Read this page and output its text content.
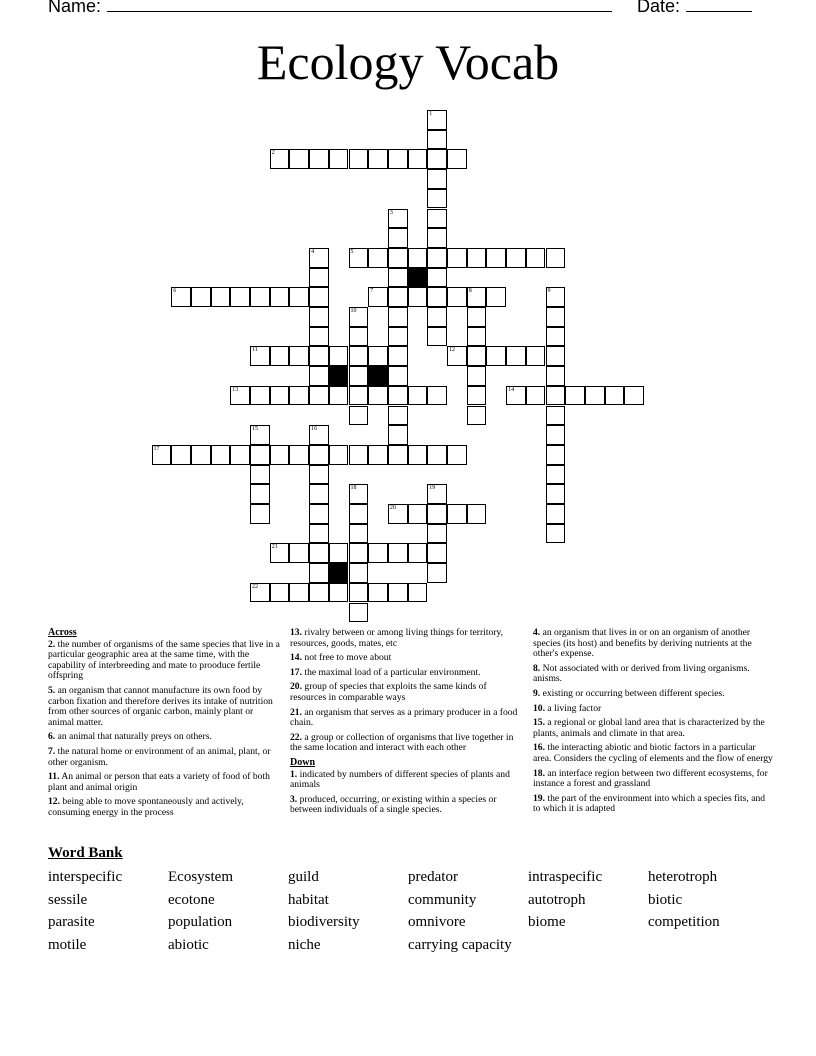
Name:	Date:
Ecology Vocab
1
2
3
4	5
6	7	8	9
10
11	12
13	14
15	16
17
18	19
20
21
22
Across
2. the number of organisms of the same species that live in a particular geographic area at the same time, with the capability of interbreeding and mate to prooduce fertile offspring
5. an organism that cannot manufacture its own food by carbon fixation and therefore derives its intake of nutrition from other sources of organic carbon, mainly plant or animal matter.
6. an animal that naturally preys on others.
7. the natural home or environment of an animal, plant, or other organism.
11. An animal or person that eats a variety of food of both plant and animal origin
12. being able to move spontaneously and actively, consuming energy in the process
13. rivalry between or among living things for territory, resources, goods, mates, etc
14. not free to move about
17. the maximal load of a particular environment.
20. group of species that exploits the same kinds of resources in comparable ways
21. an organism that serves as a primary producer in a food chain.
22. a group or collection of organisms that live together in the same location and interact with each other
Down
1. indicated by numbers of different species of plants and animals
3. produced, occurring, or existing within a species or between individuals of a single species.
4. an organism that lives in or on an organism of another species (its host) and benefits by deriving nutrients at the other's expense.
8. Not associated with or derived from living organisms. anisms.
9. existing or occurring between different species.
10. a living factor
15. a regional or global land area that is characterized by the plants, animals and climate in that area.
16. the interacting abiotic and biotic factors in a particular area. Considers the cycling of elements and the flow of energy
18. an interface region between two different ecosystems, for instance a forest and grassland
19. the part of the environment into which a species fits, and to which it is adapted
Word Bank
interspecific	Ecosystem	guild	predator	intraspecific	heterotroph
sessile	ecotone	habitat	community	autotroph	biotic
parasite	population	biodiversity	omnivore	biome	competition
motile	abiotic	niche	carrying capacity
